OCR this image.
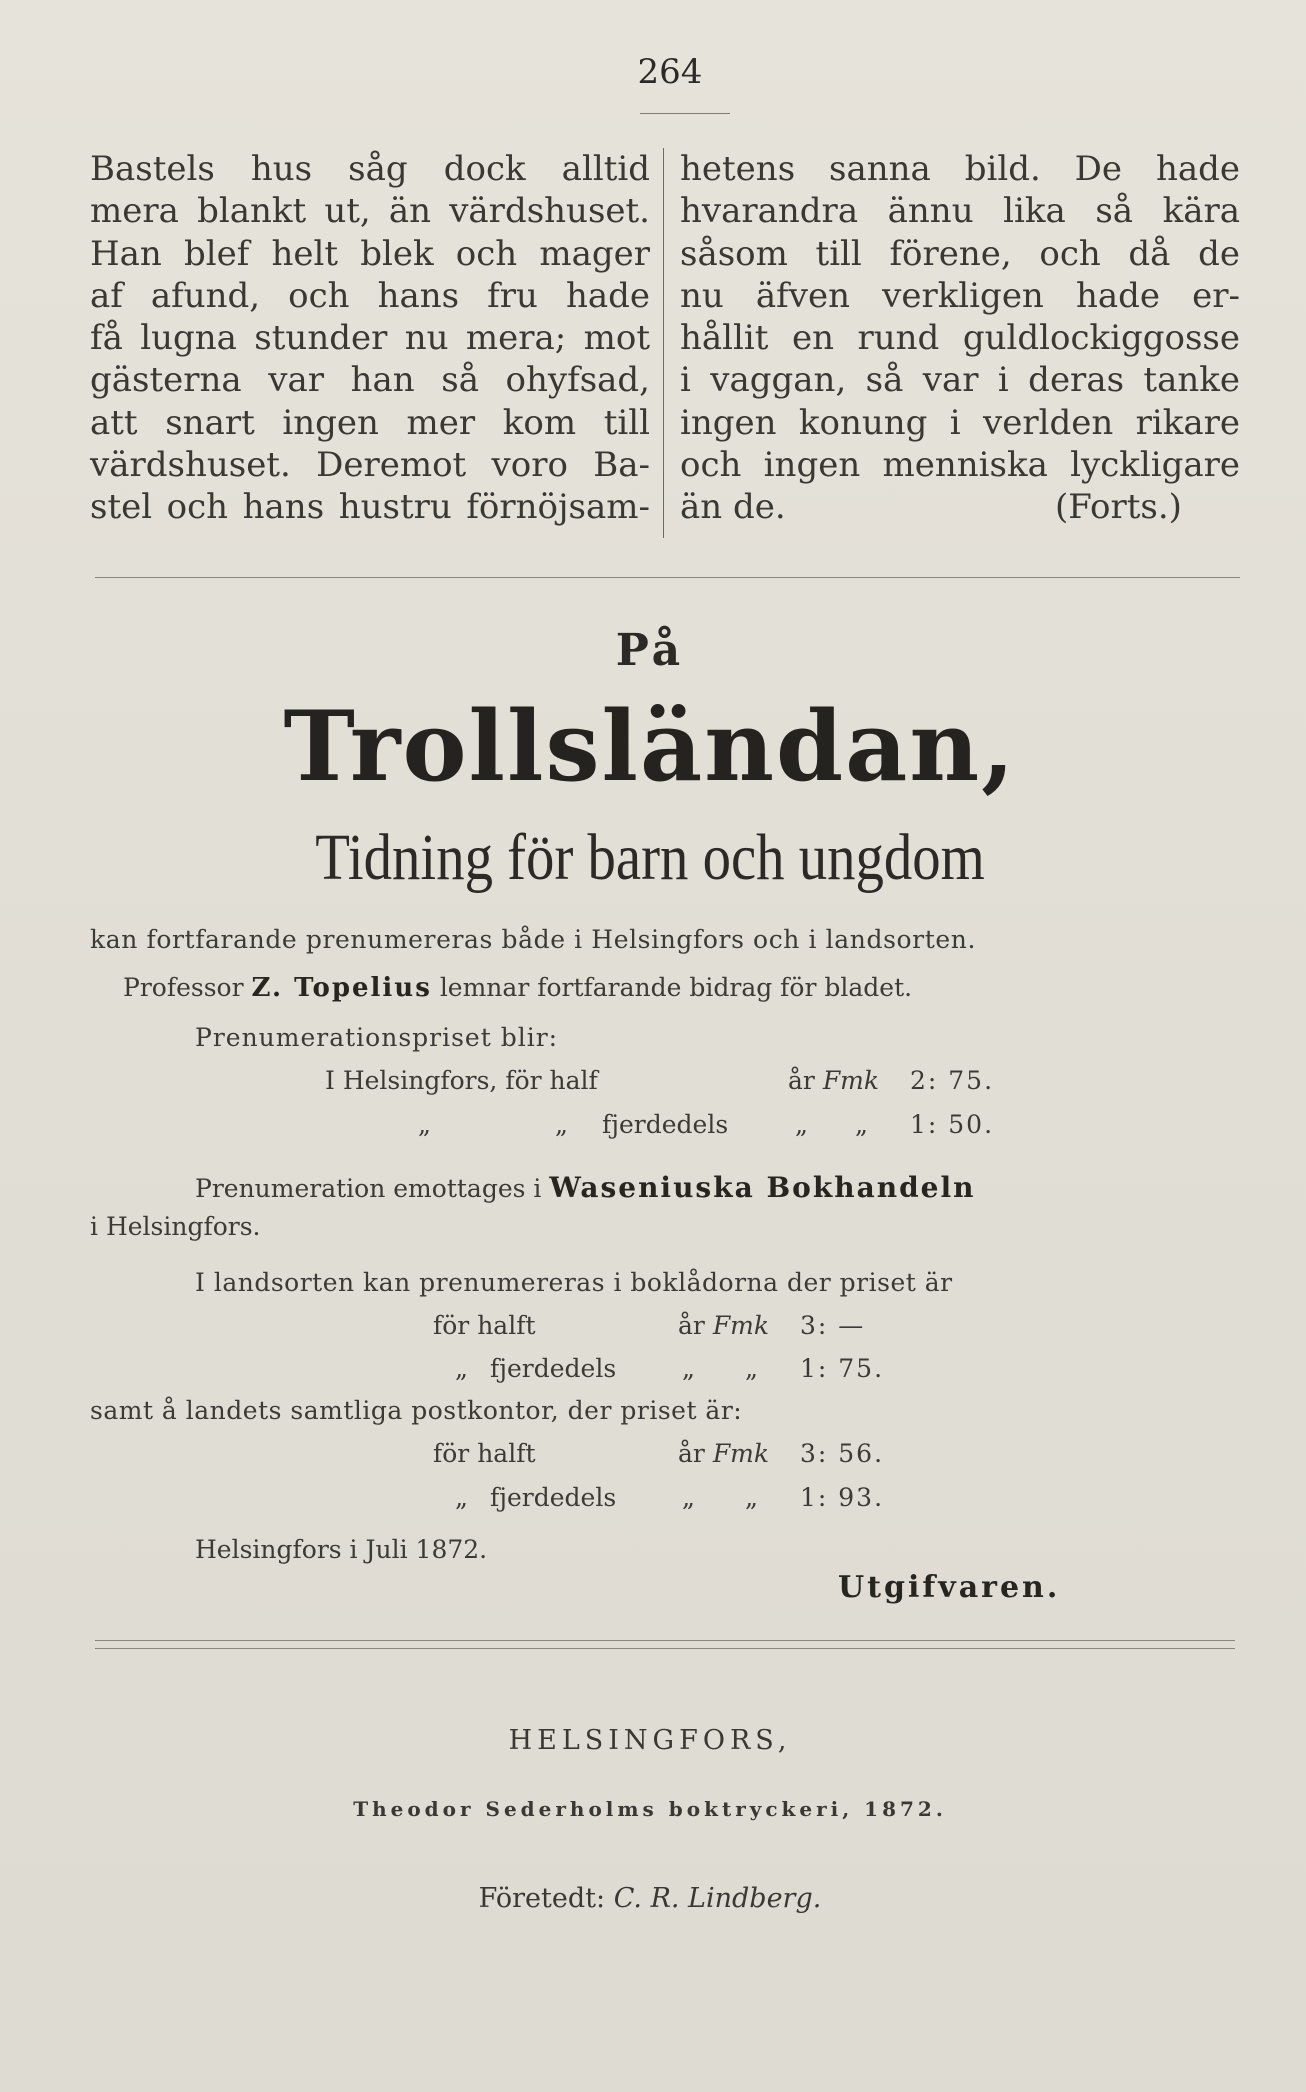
264
Bastels hus såg dock alltid
mera blankt ut, än värdshuset.
Han blef helt blek och mager
af afund, och hans fru hade
få lugna stunder nu mera; mot
gästerna var han så ohyfsad,
att snart ingen mer kom till
värdshuset. Deremot voro Ba-
stel och hans hustru förnöjsam-
hetens sanna bild. De hade
hvarandra ännu lika så kära
såsom till förene, och då de
nu äfven verkligen hade er-
hållit en rund guldlockiggosse
i vaggan, så var i deras tanke
ingen konung i verlden rikare
och ingen menniska lyckligare
än de.	(Forts.)
På
Trollsländan,
Tidning för barn och ungdom
kan fortfarande prenumereras både i Helsingfors och i landsorten.
Professor Z. Topelius lemnar fortfarande bidrag för bladet.
Prenumerationspriset blir:
I Helsingfors, för half	år Fmk 2: 75.
„	„ fjerdedels	„ „ 1: 50.
Prenumeration emottages i Waseniuska Bokhandeln
i Helsingfors.
I landsorten kan prenumereras i boklådorna der priset är
för halft	år Fmk 3: —
„ fjerdedels	„ „ 1: 75.
samt å landets samtliga postkontor, der priset är:
för halft	år Fmk 3: 56.
„ fjerdedels	„ „ 1: 93.
Helsingfors i Juli 1872.
Utgifvaren.
HELSINGFORS,
Theodor Sederholms boktryckeri, 1872.
Företedt: C. R. Lindberg.
